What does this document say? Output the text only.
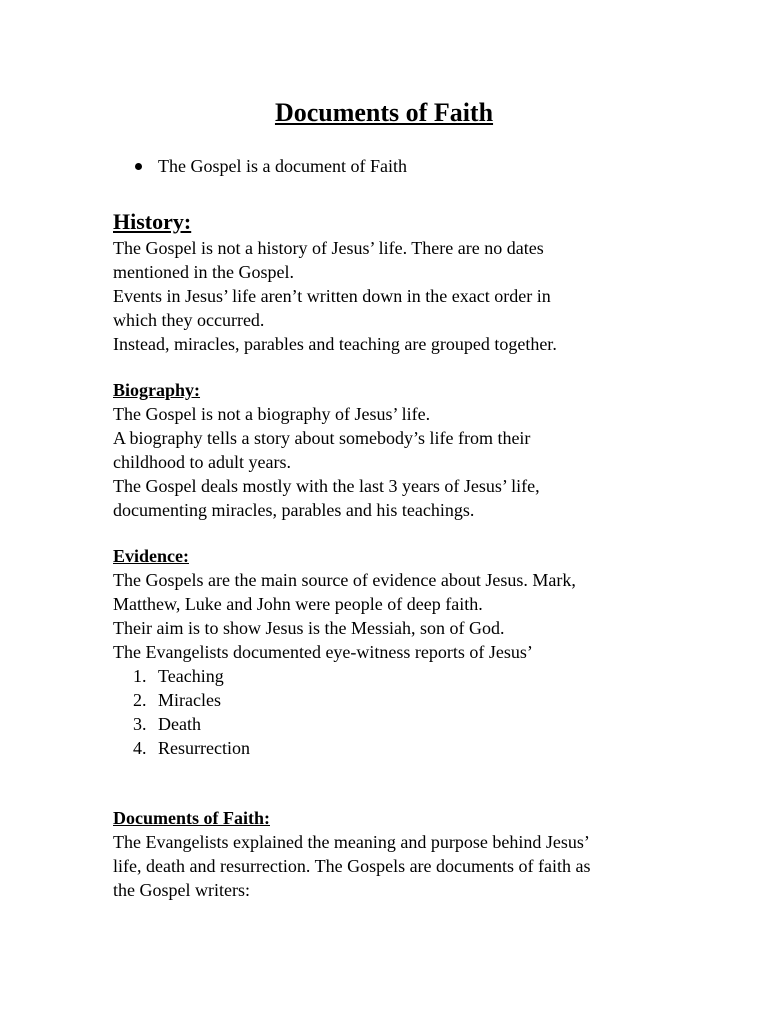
Documents of Faith
The Gospel is a document of Faith
History:

The Gospel is not a history of Jesus’ life. There are no dates

mentioned in the Gospel.

Events in Jesus’ life aren’t written down in the exact order in

which they occurred.

Instead, miracles, parables and teaching are grouped together.

Biography:

The Gospel is not a biography of Jesus’ life.

A biography tells a story about somebody’s life from their

childhood to adult years.

The Gospel deals mostly with the last 3 years of Jesus’ life,

documenting miracles, parables and his teachings.

Evidence:

The Gospels are the main source of evidence about Jesus. Mark,

Matthew, Luke and John were people of deep faith.

Their aim is to show Jesus is the Messiah, son of God.

The Evangelists documented eye-witness reports of Jesus’

1. Teaching
2. Miracles
3. Death
4. Resurrection
Documents of Faith:

The Evangelists explained the meaning and purpose behind Jesus’

life, death and resurrection. The Gospels are documents of faith as

the Gospel writers:
